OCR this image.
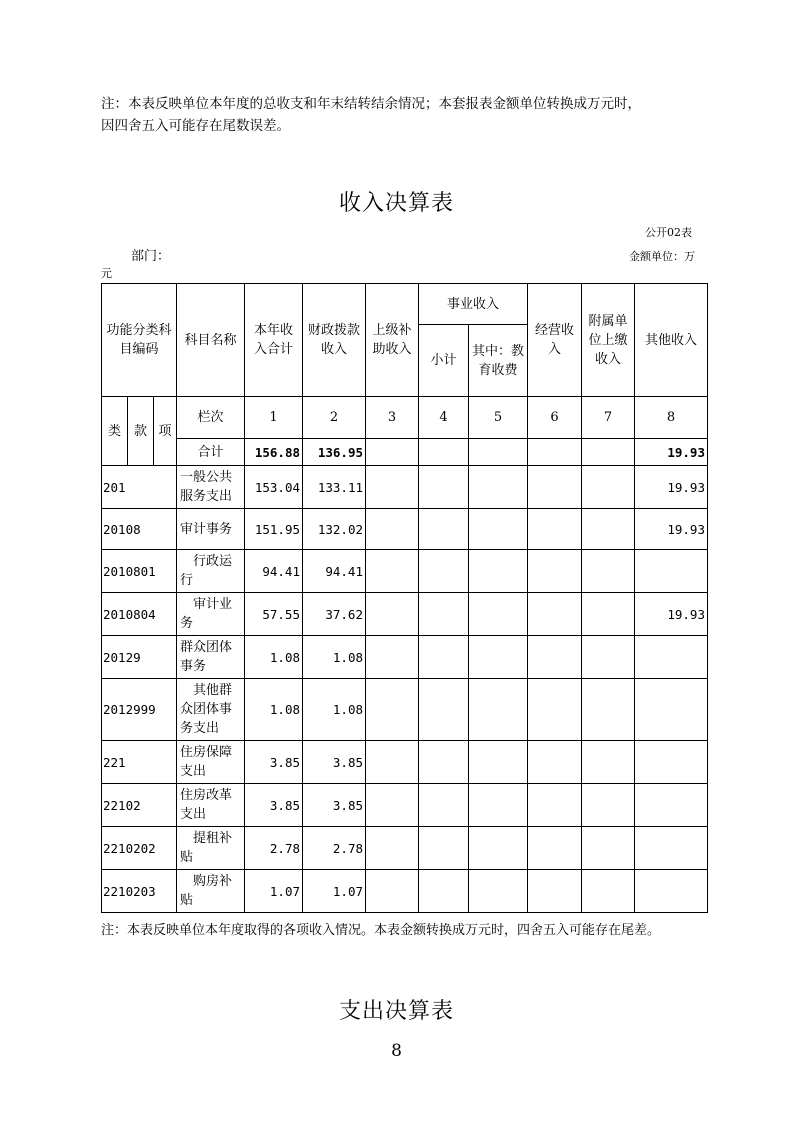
注：本表反映单位本年度的总收支和年末结转结余情况；本套报表金额单位转换成万元时，
因四舍五入可能存在尾数误差。
收入决算表
公开02表
部门：	金额单位：万
元
功能分类科目编码			科目名称	本年收入合计	财政拨款收入	上级补助收入	事业收入		经营收入	附属单位上缴收入	其他收入
							小计	其中：教育收费			
类	款	项	栏次	1	2	3	4	5	6	7	8
			合计	156.88	136.95						19.93
201			一般公共服务支出	153.04	133.11						19.93
20108			审计事务	151.95	132.02						19.93
2010801			行政运行	94.41	94.41						
2010804			审计业务	57.55	37.62						19.93
20129			群众团体事务	1.08	1.08						
2012999			其他群众团体事务支出	1.08	1.08						
221			住房保障支出	3.85	3.85						
22102			住房改革支出	3.85	3.85						
2210202			提租补贴	2.78	2.78						
2210203			购房补贴	1.07	1.07						
注：本表反映单位本年度取得的各项收入情况。本表金额转换成万元时，四舍五入可能存在尾差。
支出决算表
8
